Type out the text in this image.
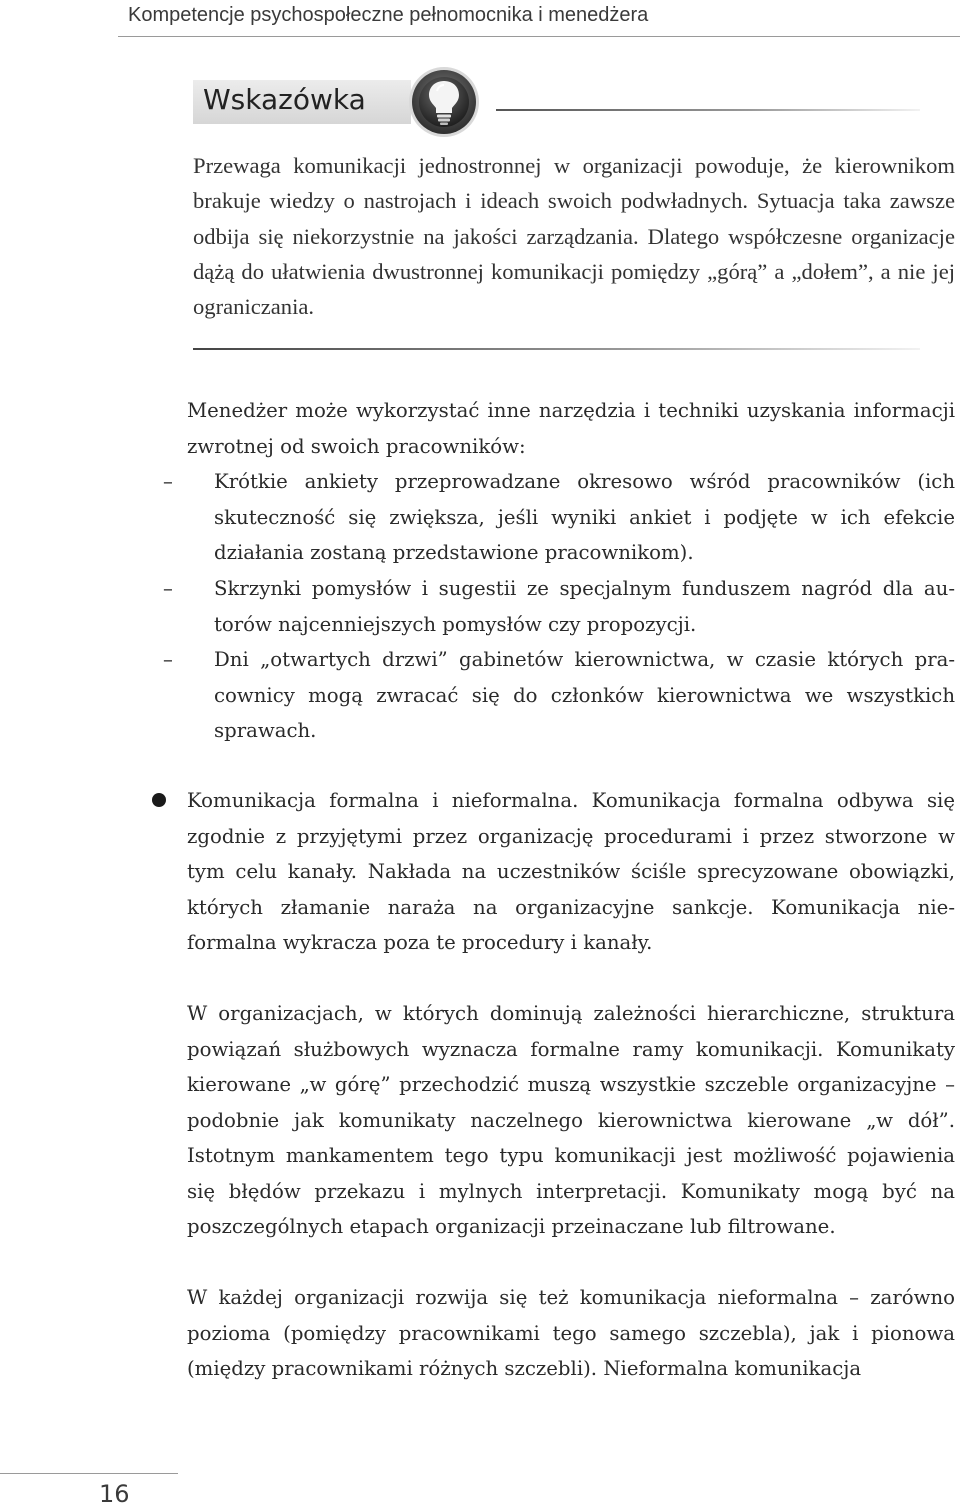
Kompetencje psychospołeczne pełnomocnika i menedżera
Wskazówka
Przewaga komunikacji jednostronnej w organizacji powoduje, że kierownikom brakuje wiedzy o nastrojach i ideach swoich podwładnych. Sytuacja taka zawsze odbija się niekorzystnie na jakości zarządzania. Dlatego współczesne organizacje dążą do ułatwienia dwustronnej komunikacji pomiędzy „górą” a „dołem”, a nie jej ograniczania.

Menedżer może wykorzystać inne narzędzia i techniki uzyskania informacji zwrotnej od swoich pracowników:

– Krótkie ankiety przeprowadzane okresowo wśród pracowników (ich skuteczność się zwiększa, jeśli wyniki ankiet i podjęte w ich efekcie działania zostaną przedstawione pracownikom).
– Skrzynki pomysłów i sugestii ze specjalnym funduszem nagród dla autorów najcenniejszych pomysłów czy propozycji.
– Dni „otwartych drzwi” gabinetów kierownictwa, w czasie których pracownicy mogą zwracać się do członków kierownictwa we wszystkich sprawach.

Komunikacja formalna i nieformalna. Komunikacja formalna odbywa się zgodnie z przyjętymi przez organizację procedurami i przez stworzone w tym celu kanały. Nakłada na uczestników ściśle sprecyzowane obowiązki, których złamanie naraża na organizacyjne sankcje. Komunikacja nieformalna wykracza poza te procedury i kanały.

W organizacjach, w których dominują zależności hierarchiczne, struktura powiązań służbowych wyznacza formalne ramy komunikacji. Komunikaty kierowane „w górę” przechodzić muszą wszystkie szczeble organizacyjne – podobnie jak komunikaty naczelnego kierownictwa kierowane „w dół”. Istotnym mankamentem tego typu komunikacji jest możliwość pojawienia się błędów przekazu i mylnych interpretacji. Komunikaty mogą być na poszczególnych etapach organizacji przeinaczane lub filtrowane.

W każdej organizacji rozwija się też komunikacja nieformalna – zarówno pozioma (pomiędzy pracownikami tego samego szczebla), jak i pionowa (między pracownikami różnych szczebli). Nieformalna komunikacja

16
